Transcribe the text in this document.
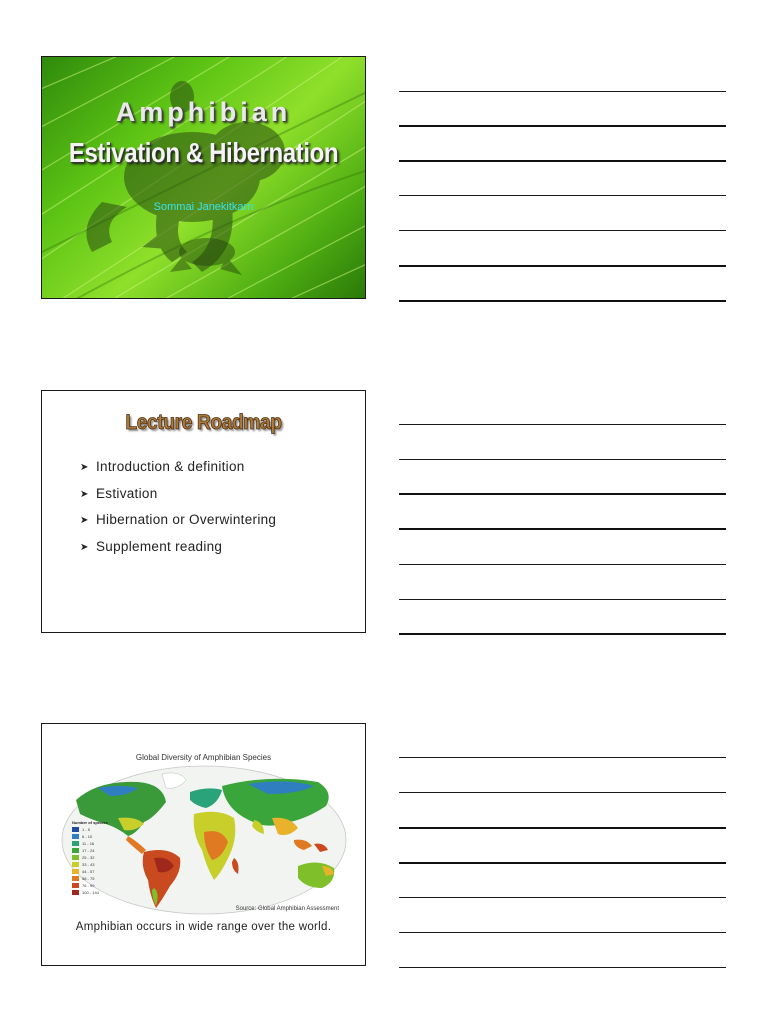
Amphibian
Estivation & Hibernation
Sommai Janekitkarn
Lecture Roadmap
➤ Introduction & definition
➤ Estivation
➤ Hibernation or Overwintering
➤ Supplement reading
Global Diversity of Amphibian Species
Number of species
1 - 5
6 - 10
11 - 16
17 - 24
25 - 32
33 - 43
44 - 57
58 - 75
76 - 99
100 - 144
Source: Global Amphibian Assessment
Amphibian occurs in wide range over the world.
